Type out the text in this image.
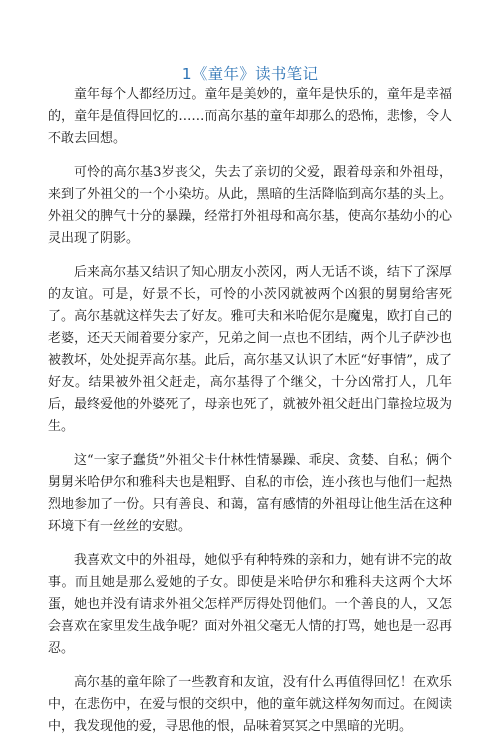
1《童年》读书笔记

童年每个人都经历过。童年是美妙的，童年是快乐的，童年是幸福的，童年是值得回忆的……而高尔基的童年却那么的恐怖，悲惨，令人不敢去回想。

可怜的高尔基3岁丧父，失去了亲切的父爱，跟着母亲和外祖母，来到了外祖父的一个小染坊。从此，黑暗的生活降临到高尔基的头上。外祖父的脾气十分的暴躁，经常打外祖母和高尔基，使高尔基幼小的心灵出现了阴影。

后来高尔基又结识了知心朋友小茨冈，两人无话不谈，结下了深厚的友谊。可是，好景不长，可怜的小茨冈就被两个凶狠的舅舅给害死了。高尔基就这样失去了好友。雅可夫和米哈伲尔是魔鬼，欧打自己的老婆，还天天闹着要分家产，兄弟之间一点也不团结，两个儿子萨沙也被教坏，处处捉弄高尔基。此后，高尔基又认识了木匠“好事情”，成了好友。结果被外祖父赶走，高尔基得了个继父，十分凶常打人，几年后，最终爱他的外婆死了，母亲也死了，就被外祖父赶出门靠捡垃圾为生。

这“一家子蠢货”外祖父卡什林性情暴躁、乖戾、贪婪、自私；俩个舅舅米哈伊尔和雅科夫也是粗野、自私的市侩，连小孩也与他们一起热烈地参加了一份。只有善良、和蔼，富有感情的外祖母让他生活在这种环境下有一丝丝的安慰。

我喜欢文中的外祖母，她似乎有种特殊的亲和力，她有讲不完的故事。而且她是那么爱她的子女。即使是米哈伊尔和雅科夫这两个大坏蛋，她也并没有请求外祖父怎样严厉得处罚他们。一个善良的人，又怎会喜欢在家里发生战争呢？面对外祖父毫无人情的打骂，她也是一忍再忍。

高尔基的童年除了一些教育和友谊，没有什么再值得回忆！在欢乐中，在悲伤中，在爱与恨的交织中，他的童年就这样匆匆而过。在阅读中，我发现他的爱，寻思他的恨，品味着冥冥之中黑暗的光明。
